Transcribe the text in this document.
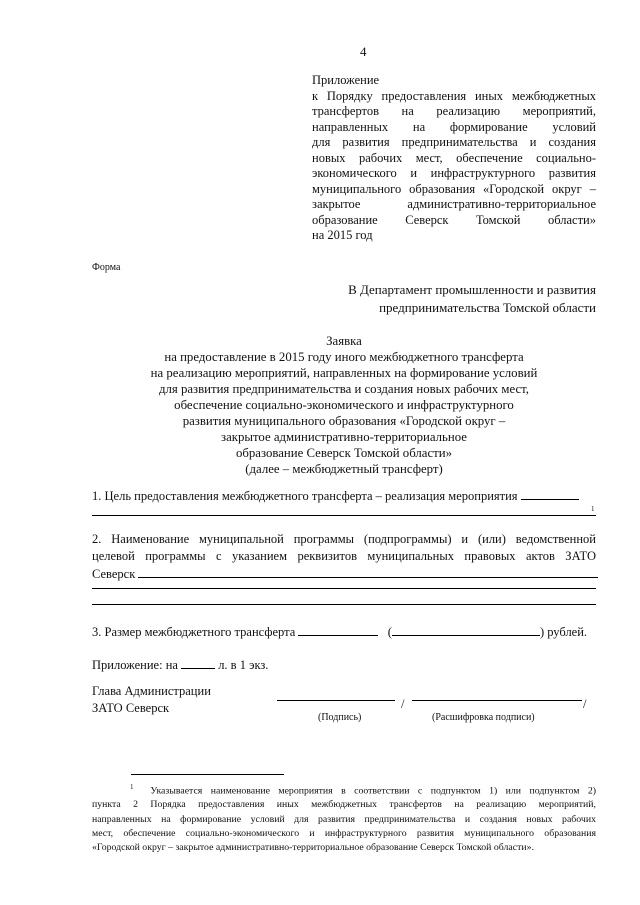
4
Приложение
к Порядку предоставления иных межбюджетных
трансфертов на реализацию мероприятий,
направленных на формирование условий
для развития предпринимательства и создания
новых рабочих мест, обеспечение социально-
экономического и инфраструктурного развития
муниципального образования «Городской округ –
закрытое административно-территориальное
образование Северск Томской области»
на 2015 год
Форма
В Департамент промышленности и развития
предпринимательства Томской области
Заявка
на предоставление в 2015 году иного межбюджетного трансферта
на реализацию мероприятий, направленных на формирование условий
для развития предпринимательства и создания новых рабочих мест,
обеспечение социально-экономического и инфраструктурного
развития муниципального образования «Городской округ –
закрытое административно-территориальное
образование Северск Томской области»
(далее – межбюджетный трансферт)
1. Цель предоставления межбюджетного трансферта – реализация мероприятия
1
2. Наименование муниципальной программы (подпрограммы) и (или) ведомственной
целевой программы с указанием реквизитов муниципальных правовых актов ЗАТО
Северск
3. Размер межбюджетного трансферта	(	) рублей.
Приложение: на	л. в 1 экз.
Глава Администрации
ЗАТО Северск	/	/
(Подпись)	(Расшифровка подписи)
$^1$ Указывается наименование мероприятия в соответствии с подпунктом 1) или подпунктом 2)
пункта 2 Порядка предоставления иных межбюджетных трансфертов на реализацию мероприятий,
направленных на формирование условий для развития предпринимательства и создания новых рабочих
мест, обеспечение социально-экономического и инфраструктурного развития муниципального образования
«Городской округ – закрытое административно-территориальное образование Северск Томской области».
